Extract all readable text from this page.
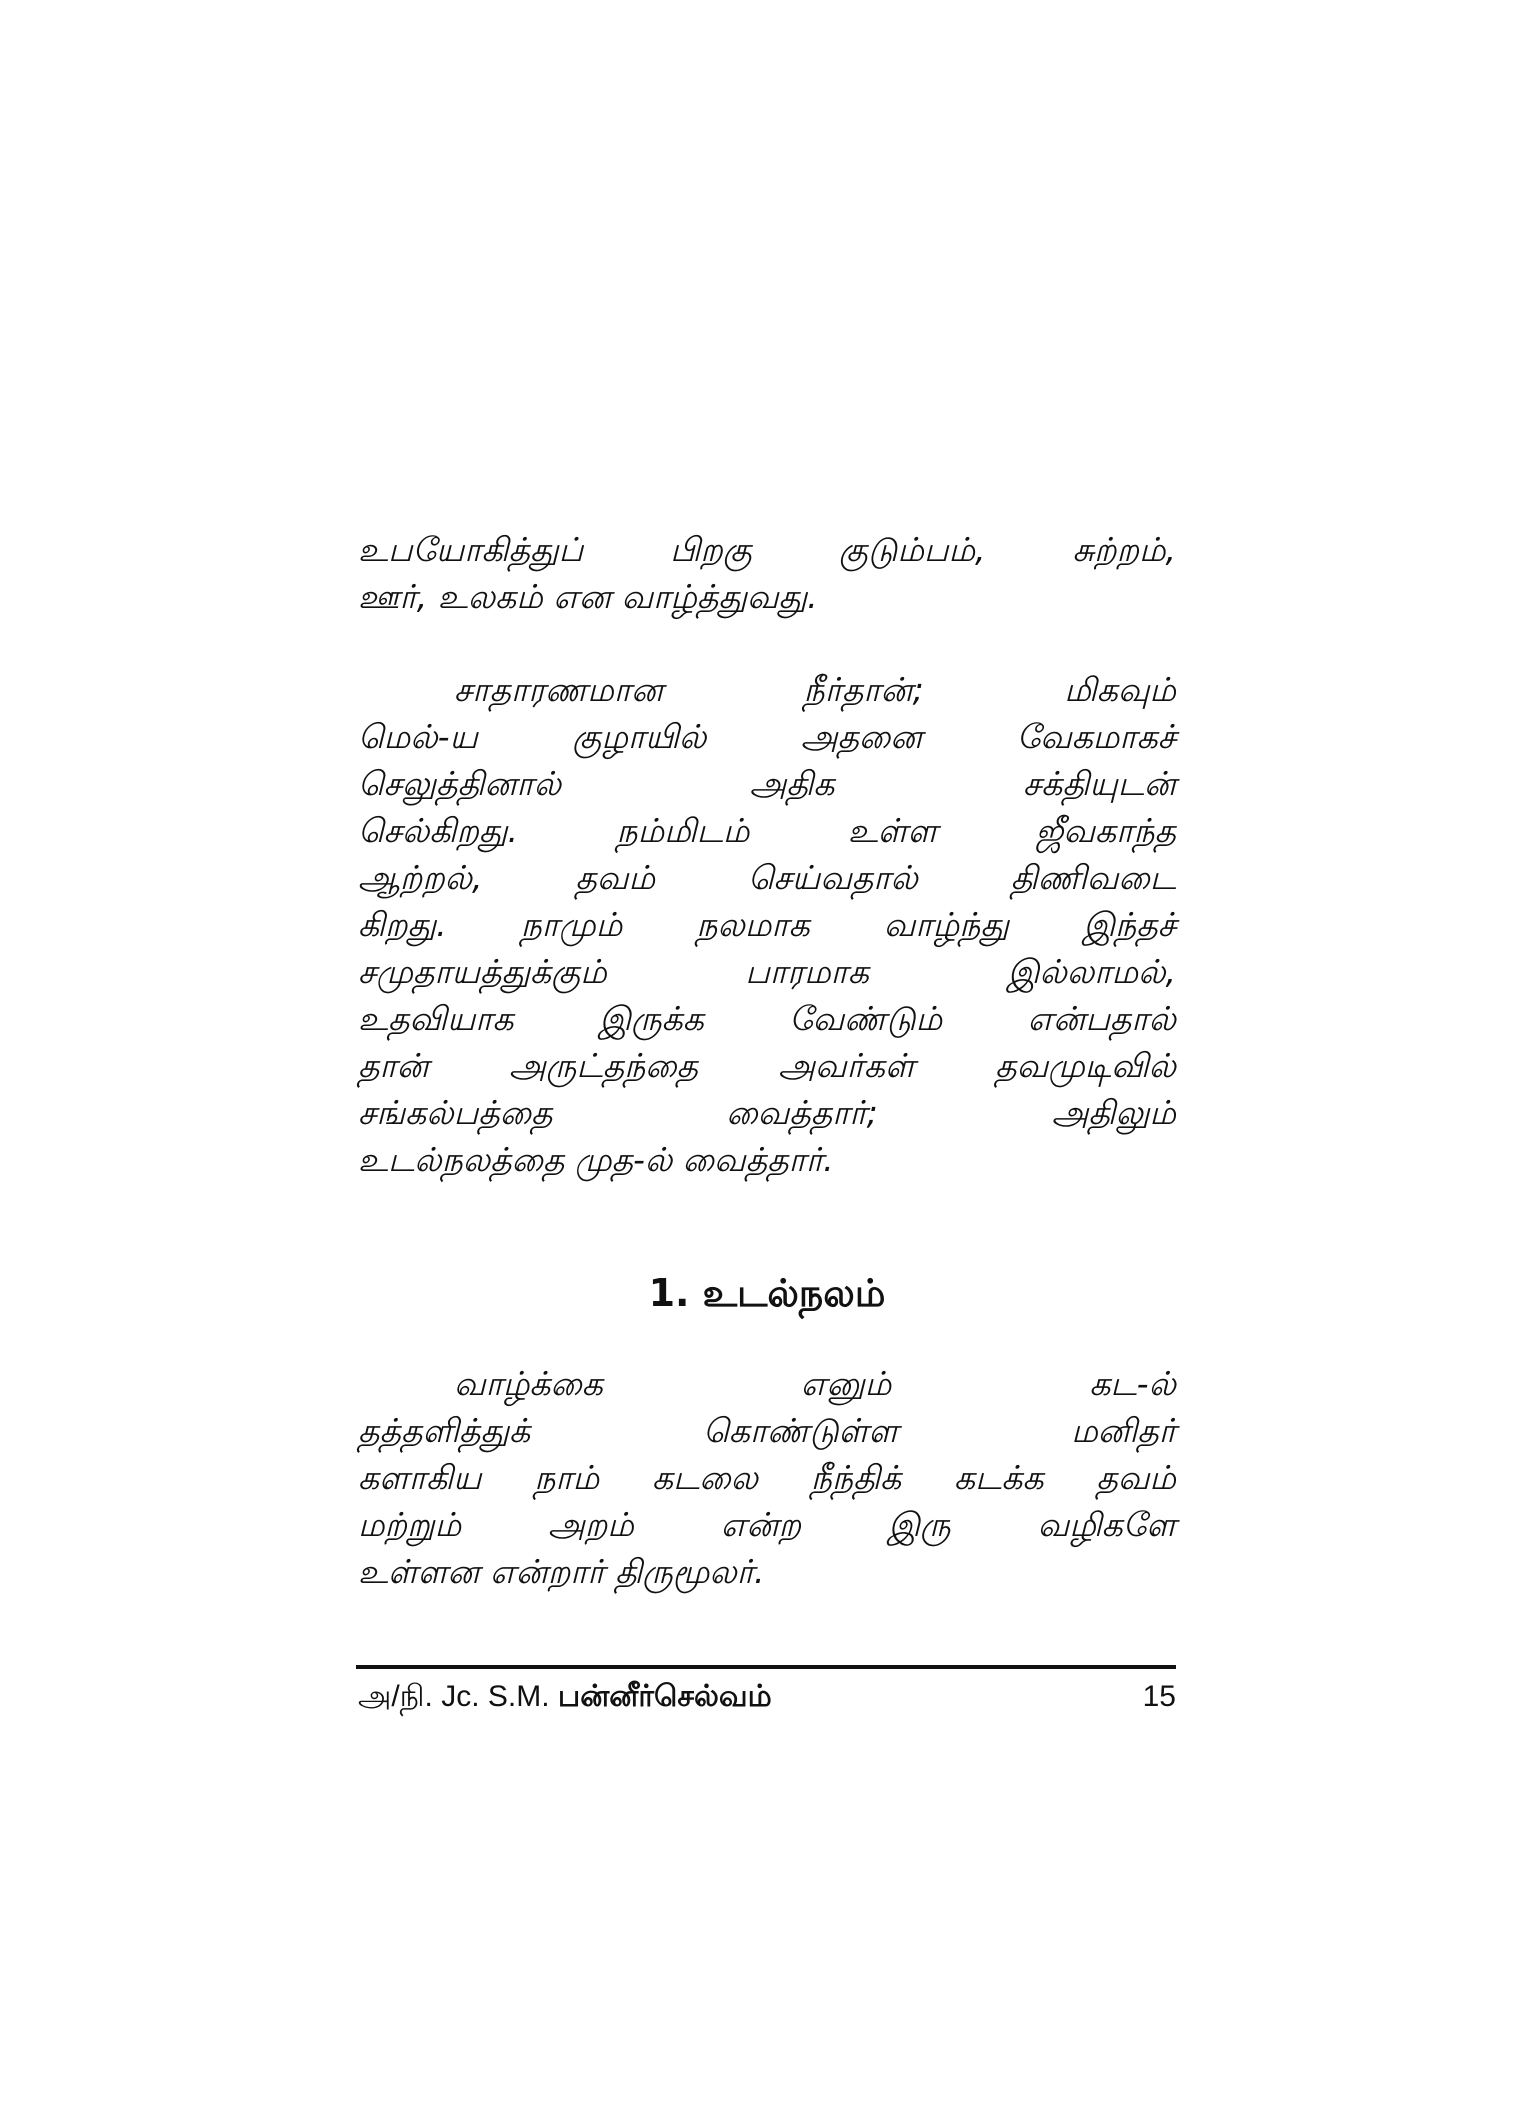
உபயோகித்துப் பிறகு குடும்பம், சுற்றம்,
ஊர், உலகம் என வாழ்த்துவது.

சாதாரணமான நீர்தான்; மிகவும்
மெல்-ய குழாயில் அதனை வேகமாகச்
செலுத்தினால் அதிக சக்தியுடன்
செல்கிறது. நம்மிடம் உள்ள ஜீவகாந்த
ஆற்றல், தவம் செய்வதால் திணிவடை
கிறது. நாமும் நலமாக வாழ்ந்து இந்தச்
சமுதாயத்துக்கும் பாரமாக இல்லாமல்,
உதவியாக இருக்க வேண்டும் என்பதால்
தான் அருட்தந்தை அவர்கள் தவமுடிவில்
சங்கல்பத்தை வைத்தார்; அதிலும்
உடல்நலத்தை முத-ல் வைத்தார்.

1. உடல்நலம்

வாழ்க்கை எனும் கட-ல்
தத்தளித்துக் கொண்டுள்ள மனிதர்
களாகிய நாம் கடலை நீந்திக் கடக்க தவம்
மற்றும் அறம் என்ற இரு வழிகளே
உள்ளன என்றார் திருமூலர்.

அ/நி. Jc. S.M. பன்னீர்செல்வம்	15
